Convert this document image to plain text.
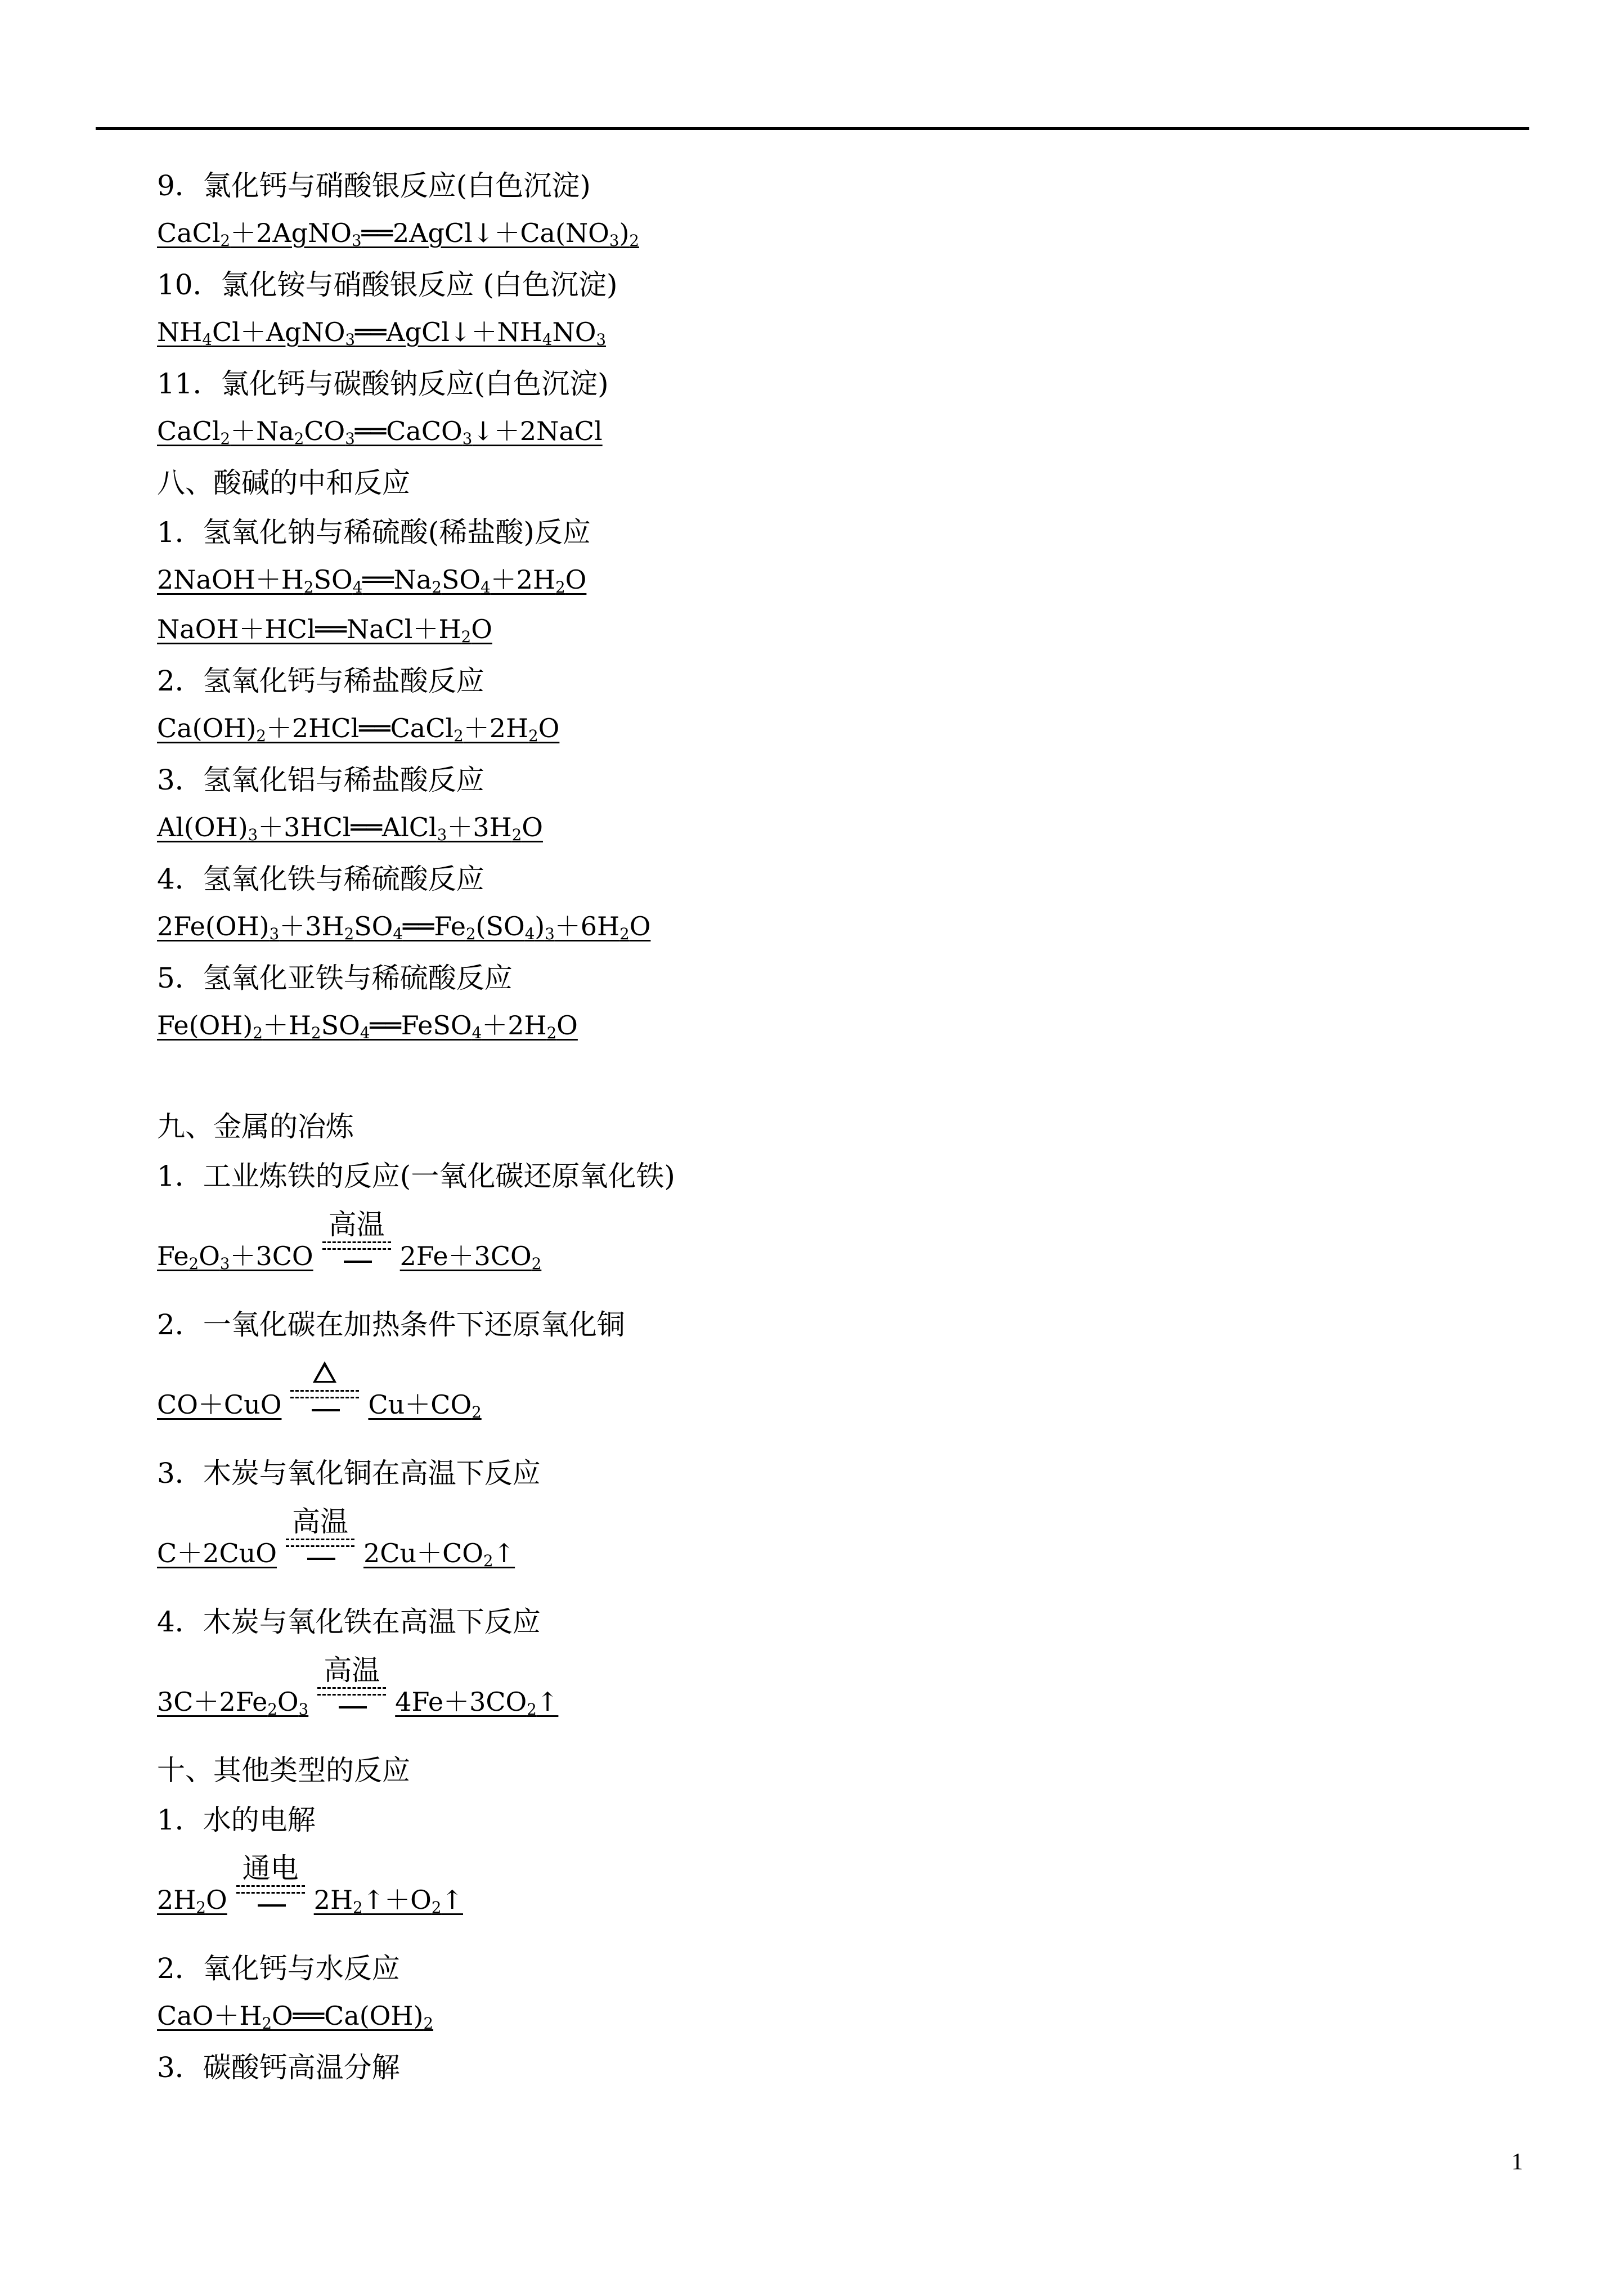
9．氯化钙与硝酸银反应(白色沉淀)
$CaCl_2+2AgNO_3══2AgCl↓+Ca(NO_3)_2$
10．氯化铵与硝酸银反应 (白色沉淀)
$NH_4Cl+AgNO_3══AgCl↓+NH_4NO_3$
11．氯化钙与碳酸钠反应(白色沉淀)
$CaCl_2+Na_2CO_3══CaCO_3↓+2NaCl$
八、酸碱的中和反应
1．氢氧化钠与稀硫酸(稀盐酸)反应
$2NaOH+H_2SO_4══Na_2SO_4+2H_2O$
$NaOH+HCl══NaCl+H_2O$
2．氢氧化钙与稀盐酸反应
$Ca(OH)_2+2HCl══CaCl_2+2H_2O$
3．氢氧化铝与稀盐酸反应
$Al(OH)_3+3HCl══AlCl_3+3H_2O$
4．氢氧化铁与稀硫酸反应
$2Fe(OH)_3+3H_2SO_4══Fe_2(SO_4)_3+6H_2O$
5．氢氧化亚铁与稀硫酸反应
$Fe(OH)_2+H_2SO_4══FeSO_4+2H_2O$
九、金属的冶炼
1．工业炼铁的反应(一氧化碳还原氧化铁)
$Fe_2O_3+3CO$
高温
$2Fe+3CO_2$
2．一氧化碳在加热条件下还原氧化铜
CO＋CuO	$Cu+CO_2$
3．木炭与氧化铜在高温下反应
C＋2CuO
高温
$2Cu+CO_2↑$
4．木炭与氧化铁在高温下反应
$3C+2Fe_2O_3$
高温
$4Fe+3CO_2↑$
十、其他类型的反应
1．水的电解
$2H_2O$
通电
$2H_2↑+O_2↑$
2．氧化钙与水反应
$CaO+H_2O══Ca(OH)_2$
3．碳酸钙高温分解
1
